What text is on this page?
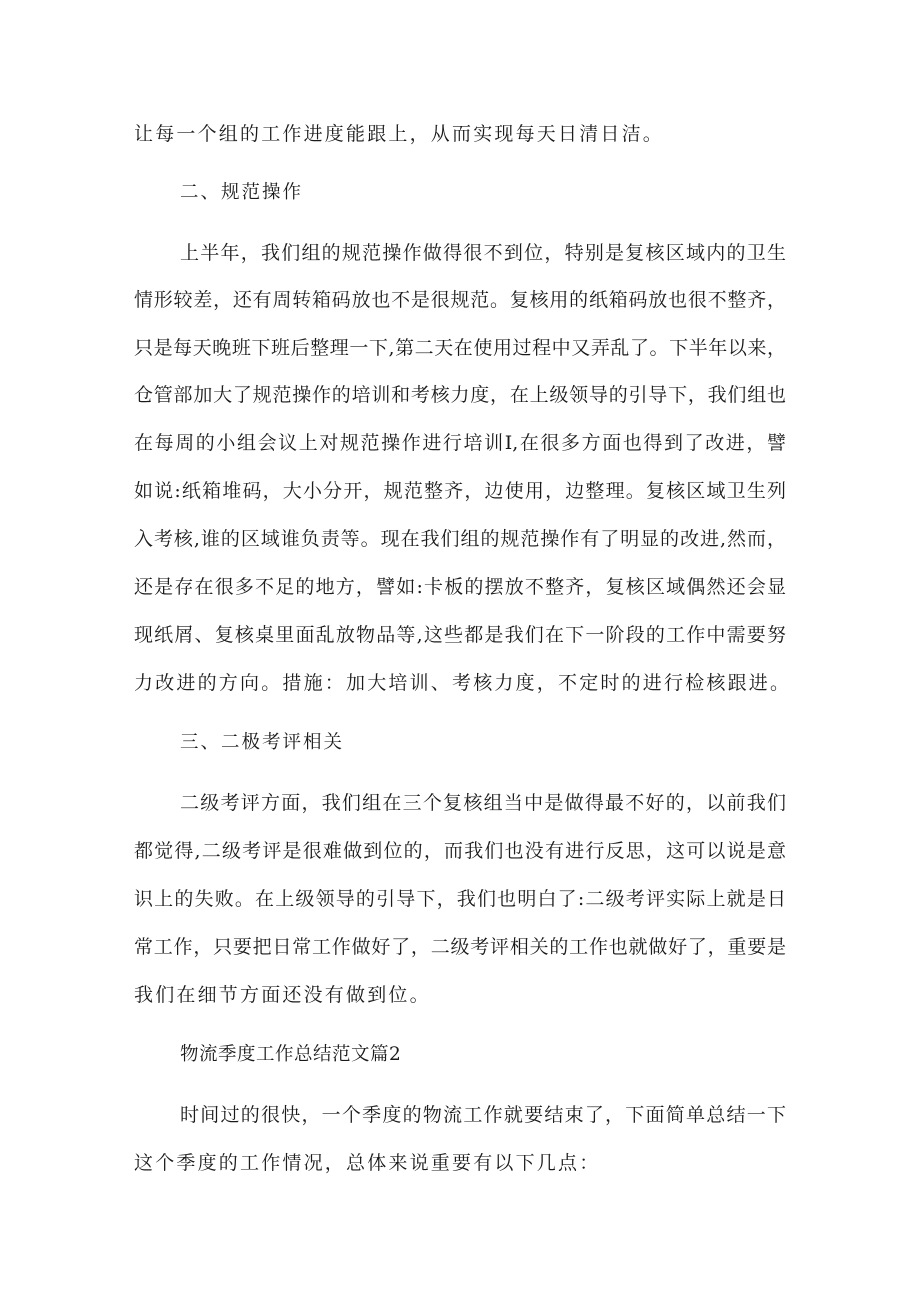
让每一个组的工作进度能跟上，从而实现每天日清日洁。

二、规范操作

上半年，我们组的规范操作做得很不到位，特别是复核区域内的卫生

情形较差，还有周转箱码放也不是很规范。复核用的纸箱码放也很不整齐，

只是每天晚班下班后整理一下,第二天在使用过程中又弄乱了。下半年以来，

仓管部加大了规范操作的培训和考核力度，在上级领导的引导下，我们组也

在每周的小组会议上对规范操作进行培训I,在很多方面也得到了改进，譬

如说:纸箱堆码，大小分开，规范整齐，边使用，边整理。复核区域卫生列

入考核,谁的区域谁负责等。现在我们组的规范操作有了明显的改进,然而，

还是存在很多不足的地方，譬如:卡板的摆放不整齐，复核区域偶然还会显

现纸屑、复核桌里面乱放物品等,这些都是我们在下一阶段的工作中需要努

力改进的方向。措施：加大培训、考核力度，不定时的进行检核跟进。

三、二极考评相关

二级考评方面，我们组在三个复核组当中是做得最不好的，以前我们

都觉得,二级考评是很难做到位的，而我们也没有进行反思，这可以说是意

识上的失败。在上级领导的引导下，我们也明白了:二级考评实际上就是日

常工作，只要把日常工作做好了，二级考评相关的工作也就做好了，重要是

我们在细节方面还没有做到位。

物流季度工作总结范文篇2

时间过的很快，一个季度的物流工作就要结束了，下面简单总结一下

这个季度的工作情况，总体来说重要有以下几点：
